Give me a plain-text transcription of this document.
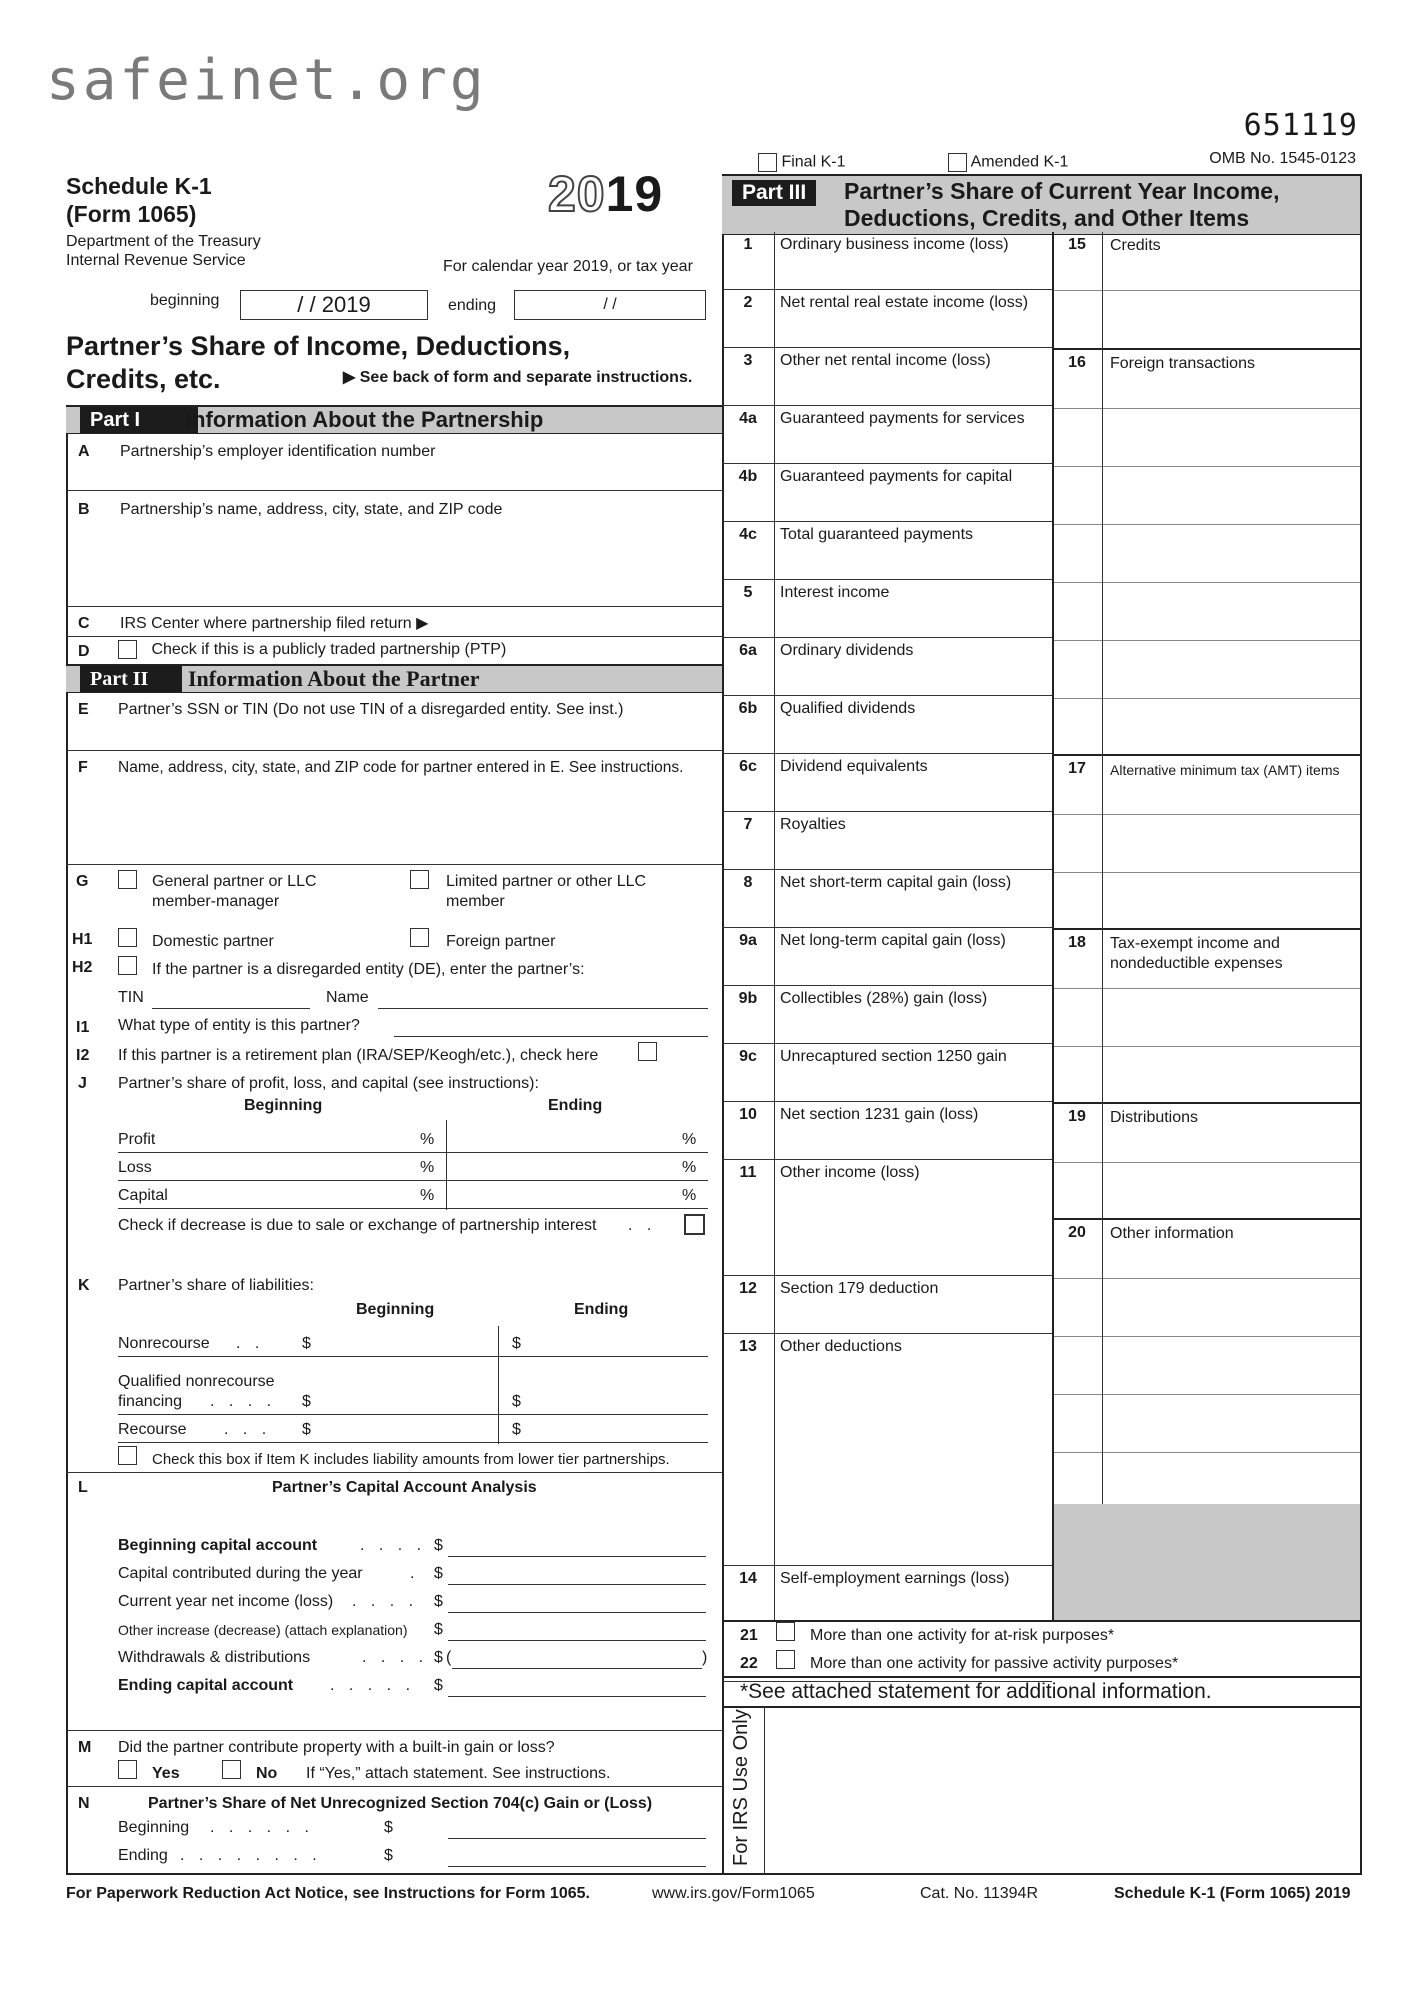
safeinet.org
651119
Final K-1	Amended K-1	OMB No. 1545-0123
Schedule K-1
(Form 1065)
Department of the Treasury
Internal Revenue Service
2019
For calendar year 2019, or tax year
beginning	/ / 2019	ending	/ /
Partner’s Share of Income, Deductions,
Credits, etc.	▶ See back of form and separate instructions.
Part I	Information About the Partnership
A Partnership’s employer identification number
B Partnership’s name, address, city, state, and ZIP code
C IRS Center where partnership filed return ▶
D	Check if this is a publicly traded partnership (PTP)
Part II	Information About the Partner
E Partner’s SSN or TIN (Do not use TIN of a disregarded entity. See inst.)
F Name, address, city, state, and ZIP code for partner entered in E. See instructions.
G	General partner or LLC
member-manager
Limited partner or other LLC
member
H1	Domestic partner	Foreign partner
H2	If the partner is a disregarded entity (DE), enter the partner’s:
TIN	Name
I1 What type of entity is this partner?
I2 If this partner is a retirement plan (IRA/SEP/Keogh/etc.), check here
J Partner’s share of profit, loss, and capital (see instructions):
Beginning	Ending
Profit	%	%
Loss	%	%
Capital	%	%
Check if decrease is due to sale or exchange of partnership interest . .
K Partner’s share of liabilities:
Beginning	Ending
Nonrecourse . . $	$
Qualified nonrecourse
financing	. . . . $	$
Recourse . . . $	$
Check this box if Item K includes liability amounts from lower tier partnerships.
L	Partner’s Capital Account Analysis
Beginning capital account	. . . . $
Capital contributed during the year	. $
Current year net income (loss) . . . . $
Other increase (decrease) (attach explanation) $
Withdrawals & distributions	. . . . $ (	)
Ending capital account . . . . . $
M Did the partner contribute property with a built-in gain or loss?
Yes	No If “Yes,” attach statement. See instructions.
N	Partner’s Share of Net Unrecognized Section 704(c) Gain or (Loss)
Beginning . . . . . .	$
Ending . . . . . . . .	$
Part III	Partner’s Share of Current Year Income,
Deductions, Credits, and Other Items
1	Ordinary business income (loss)
2	Net rental real estate income (loss)
3	Other net rental income (loss)
4a	Guaranteed payments for services
4b	Guaranteed payments for capital
4c	Total guaranteed payments
5	Interest income
6a	Ordinary dividends
6b	Qualified dividends
6c	Dividend equivalents
7	Royalties
8	Net short-term capital gain (loss)
9a	Net long-term capital gain (loss)
9b	Collectibles (28%) gain (loss)
9c	Unrecaptured section 1250 gain
10	Net section 1231 gain (loss)
11	Other income (loss)
12	Section 179 deduction
13	Other deductions
14	Self-employment earnings (loss)
15	Credits
16	Foreign transactions
17	Alternative minimum tax (AMT) items
18	Tax-exempt income and
nondeductible expenses
19	Distributions
20	Other information
21	More than one activity for at-risk purposes*
22	More than one activity for passive activity purposes*
*See attached statement for additional information.
For IRS Use Only
For Paperwork Reduction Act Notice, see Instructions for Form 1065.	www.irs.gov/Form1065	Cat. No. 11394R	Schedule K-1 (Form 1065) 2019
